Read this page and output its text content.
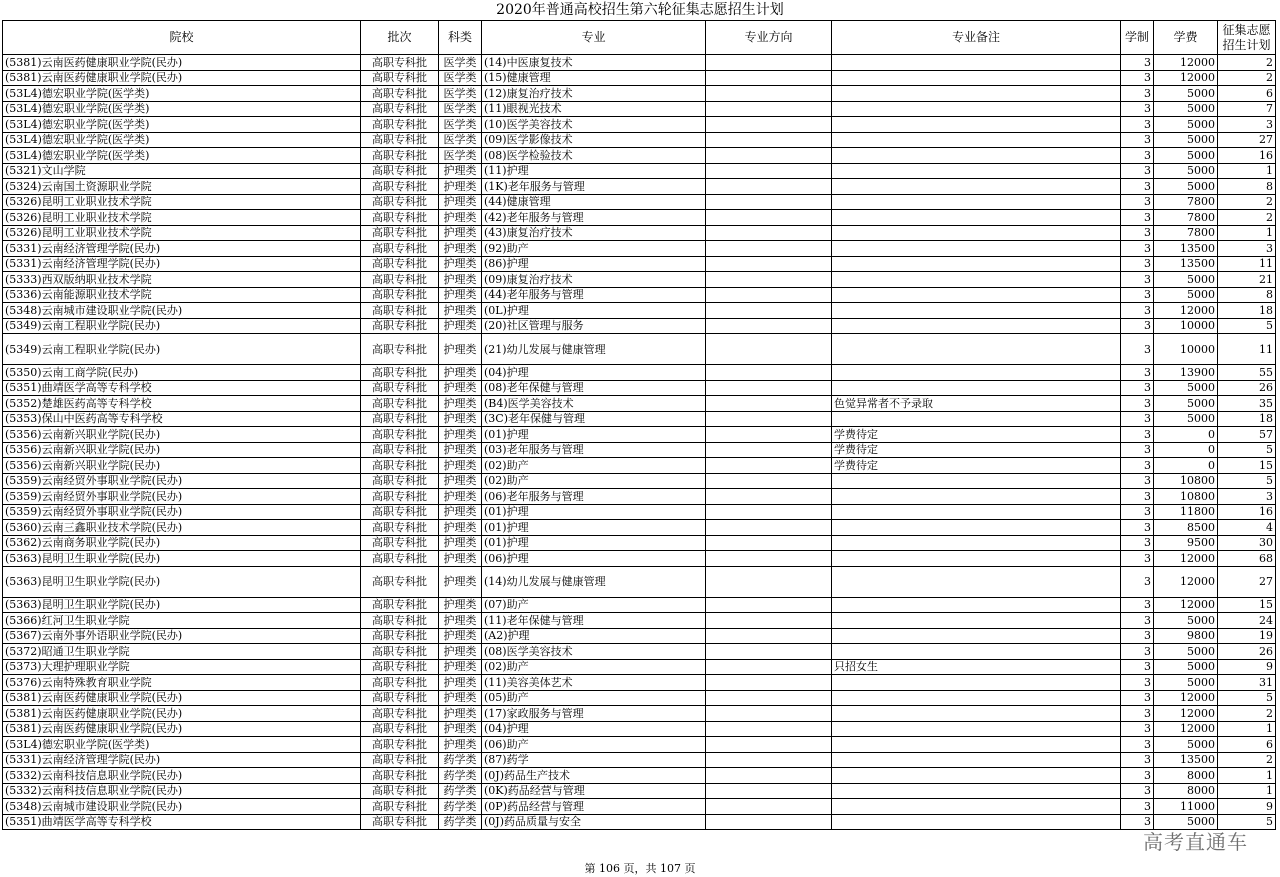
2020年普通高校招生第六轮征集志愿招生计划
院校	批次	科类	专业	专业方向	专业备注	学制	学费	征集志愿招生计划
(5381)云南医药健康职业学院(民办)	高职专科批	医学类	(14)中医康复技术			3	12000	2
(5381)云南医药健康职业学院(民办)	高职专科批	医学类	(15)健康管理			3	12000	2
(53L4)德宏职业学院(医学类)	高职专科批	医学类	(12)康复治疗技术			3	5000	6
(53L4)德宏职业学院(医学类)	高职专科批	医学类	(11)眼视光技术			3	5000	7
(53L4)德宏职业学院(医学类)	高职专科批	医学类	(10)医学美容技术			3	5000	3
(53L4)德宏职业学院(医学类)	高职专科批	医学类	(09)医学影像技术			3	5000	27
(53L4)德宏职业学院(医学类)	高职专科批	医学类	(08)医学检验技术			3	5000	16
(5321)文山学院	高职专科批	护理类	(11)护理			3	5000	1
(5324)云南国土资源职业学院	高职专科批	护理类	(1K)老年服务与管理			3	5000	8
(5326)昆明工业职业技术学院	高职专科批	护理类	(44)健康管理			3	7800	2
(5326)昆明工业职业技术学院	高职专科批	护理类	(42)老年服务与管理			3	7800	2
(5326)昆明工业职业技术学院	高职专科批	护理类	(43)康复治疗技术			3	7800	1
(5331)云南经济管理学院(民办)	高职专科批	护理类	(92)助产			3	13500	3
(5331)云南经济管理学院(民办)	高职专科批	护理类	(86)护理			3	13500	11
(5333)西双版纳职业技术学院	高职专科批	护理类	(09)康复治疗技术			3	5000	21
(5336)云南能源职业技术学院	高职专科批	护理类	(44)老年服务与管理			3	5000	8
(5348)云南城市建设职业学院(民办)	高职专科批	护理类	(0L)护理			3	12000	18
(5349)云南工程职业学院(民办)	高职专科批	护理类	(20)社区管理与服务			3	10000	5
(5349)云南工程职业学院(民办)	高职专科批	护理类	(21)幼儿发展与健康管理			3	10000	11
(5350)云南工商学院(民办)	高职专科批	护理类	(04)护理			3	13900	55
(5351)曲靖医学高等专科学校	高职专科批	护理类	(08)老年保健与管理			3	5000	26
(5352)楚雄医药高等专科学校	高职专科批	护理类	(B4)医学美容技术		色觉异常者不予录取	3	5000	35
(5353)保山中医药高等专科学校	高职专科批	护理类	(3C)老年保健与管理			3	5000	18
(5356)云南新兴职业学院(民办)	高职专科批	护理类	(01)护理		学费待定	3	0	57
(5356)云南新兴职业学院(民办)	高职专科批	护理类	(03)老年服务与管理		学费待定	3	0	5
(5356)云南新兴职业学院(民办)	高职专科批	护理类	(02)助产		学费待定	3	0	15
(5359)云南经贸外事职业学院(民办)	高职专科批	护理类	(02)助产			3	10800	5
(5359)云南经贸外事职业学院(民办)	高职专科批	护理类	(06)老年服务与管理			3	10800	3
(5359)云南经贸外事职业学院(民办)	高职专科批	护理类	(01)护理			3	11800	16
(5360)云南三鑫职业技术学院(民办)	高职专科批	护理类	(01)护理			3	8500	4
(5362)云南商务职业学院(民办)	高职专科批	护理类	(01)护理			3	9500	30
(5363)昆明卫生职业学院(民办)	高职专科批	护理类	(06)护理			3	12000	68
(5363)昆明卫生职业学院(民办)	高职专科批	护理类	(14)幼儿发展与健康管理			3	12000	27
(5363)昆明卫生职业学院(民办)	高职专科批	护理类	(07)助产			3	12000	15
(5366)红河卫生职业学院	高职专科批	护理类	(11)老年保健与管理			3	5000	24
(5367)云南外事外语职业学院(民办)	高职专科批	护理类	(A2)护理			3	9800	19
(5372)昭通卫生职业学院	高职专科批	护理类	(08)医学美容技术			3	5000	26
(5373)大理护理职业学院	高职专科批	护理类	(02)助产		只招女生	3	5000	9
(5376)云南特殊教育职业学院	高职专科批	护理类	(11)美容美体艺术			3	5000	31
(5381)云南医药健康职业学院(民办)	高职专科批	护理类	(05)助产			3	12000	5
(5381)云南医药健康职业学院(民办)	高职专科批	护理类	(17)家政服务与管理			3	12000	2
(5381)云南医药健康职业学院(民办)	高职专科批	护理类	(04)护理			3	12000	1
(53L4)德宏职业学院(医学类)	高职专科批	护理类	(06)助产			3	5000	6
(5331)云南经济管理学院(民办)	高职专科批	药学类	(87)药学			3	13500	2
(5332)云南科技信息职业学院(民办)	高职专科批	药学类	(0J)药品生产技术			3	8000	1
(5332)云南科技信息职业学院(民办)	高职专科批	药学类	(0K)药品经营与管理			3	8000	1
(5348)云南城市建设职业学院(民办)	高职专科批	药学类	(0P)药品经营与管理			3	11000	9
(5351)曲靖医学高等专科学校	高职专科批	药学类	(0J)药品质量与安全			3	5000	5
第 106 页，共 107 页
高考直通车
